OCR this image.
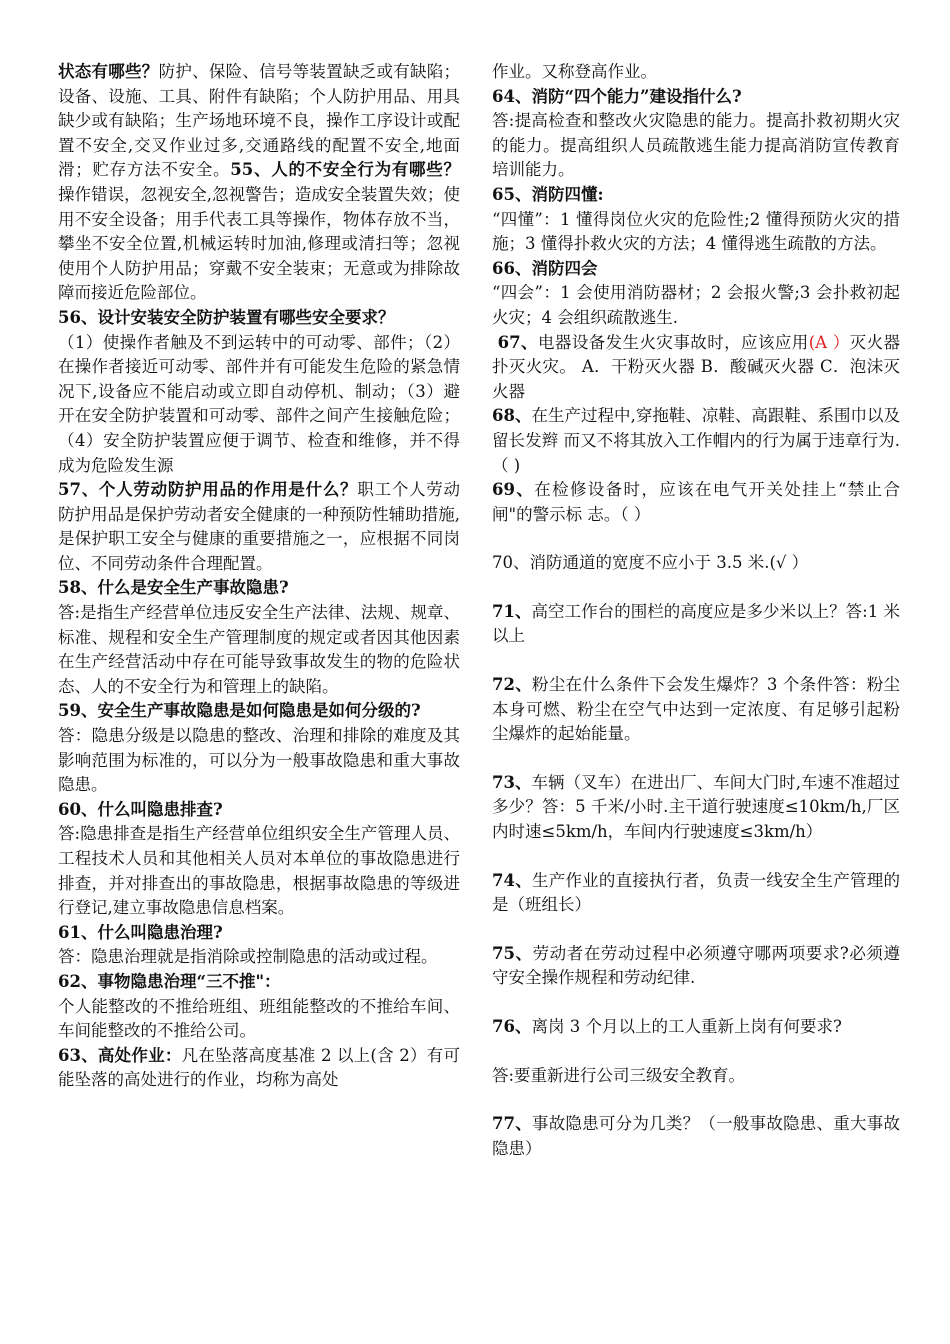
状态有哪些？防护、保险、信号等装置缺乏或有缺陷；设备、设施、工具、附件有缺陷；个人防护用品、用具缺少或有缺陷；生产场地环境不良，操作工序设计或配置不安全,交叉作业过多,交通路线的配置不安全,地面滑；贮存方法不安全。55、人的不安全行为有哪些？操作错误，忽视安全,忽视警告；造成安全装置失效；使用不安全设备；用手代表工具等操作，物体存放不当，攀坐不安全位置,机械运转时加油,修理或清扫等；忽视使用个人防护用品；穿戴不安全装束；无意或为排除故障而接近危险部位。

56、设计安装安全防护装置有哪些安全要求？

（1）使操作者触及不到运转中的可动零、部件；（2）在操作者接近可动零、部件并有可能发生危险的紧急情况下,设备应不能启动或立即自动停机、制动；（3）避开在安全防护装置和可动零、部件之间产生接触危险；（4）安全防护装置应便于调节、检查和维修，并不得成为危险发生源

57、个人劳动防护用品的作用是什么？职工个人劳动防护用品是保护劳动者安全健康的一种预防性辅助措施,是保护职工安全与健康的重要措施之一，应根据不同岗位、不同劳动条件合理配置。

58、什么是安全生产事故隐患?

答:是指生产经营单位违反安全生产法律、法规、规章、标准、规程和安全生产管理制度的规定或者因其他因素在生产经营活动中存在可能导致事故发生的物的危险状态、人的不安全行为和管理上的缺陷。

59、安全生产事故隐患是如何隐患是如何分级的?

答：隐患分级是以隐患的整改、治理和排除的难度及其影响范围为标准的，可以分为一般事故隐患和重大事故隐患。

60、什么叫隐患排查?

答:隐患排查是指生产经营单位组织安全生产管理人员、工程技术人员和其他相关人员对本单位的事故隐患进行排查，并对排查出的事故隐患，根据事故隐患的等级进行登记,建立事故隐患信息档案。

61、什么叫隐患治理?

答：隐患治理就是指消除或控制隐患的活动或过程。

62、事物隐患治理“三不推"：

个人能整改的不推给班组、班组能整改的不推给车间、车间能整改的不推给公司。

63、高处作业：凡在坠落高度基准 2 以上(含 2）有可能坠落的高处进行的作业，均称为高处

作业。又称登高作业。

64、消防“四个能力”建设指什么?

答:提高检查和整改火灾隐患的能力。提高扑救初期火灾的能力。提高组织人员疏散逃生能力提高消防宣传教育培训能力。

65、消防四懂:

“四懂”：1 懂得岗位火灾的危险性;2 懂得预防火灾的措施；3 懂得扑救火灾的方法；4 懂得逃生疏散的方法。

66、消防四会

“四会”：1 会使用消防器材；2 会报火警;3 会扑救初起火灾；4 会组织疏散逃生.

67、电器设备发生火灾事故时，应该应用(A ）灭火器扑灭火灾。 A．干粉灭火器 B．酸碱灭火器 C．泡沫灭火器

68、在生产过程中,穿拖鞋、凉鞋、高跟鞋、系围巾以及留长发辫 而又不将其放入工作帽内的行为属于违章行为.（ )

69、在检修设备时，应该在电气开关处挂上“禁止合闸"的警示标 志。（ ）

70、消防通道的宽度不应小于 3.5 米.(√ ）

71、高空工作台的围栏的高度应是多少米以上？答:1 米以上

72、粉尘在什么条件下会发生爆炸？3 个条件答：粉尘本身可燃、粉尘在空气中达到一定浓度、有足够引起粉尘爆炸的起始能量。

73、车辆（叉车）在进出厂、车间大门时,车速不准超过多少？答：5 千米/小时.主干道行驶速度≤10km/h,厂区内时速≤5km/h，车间内行驶速度≤3km/h）

74、生产作业的直接执行者，负责一线安全生产管理的是（班组长）

75、劳动者在劳动过程中必须遵守哪两项要求?必须遵守安全操作规程和劳动纪律.

76、离岗 3 个月以上的工人重新上岗有何要求?

答:要重新进行公司三级安全教育。

77、事故隐患可分为几类？（一般事故隐患、重大事故隐患）
